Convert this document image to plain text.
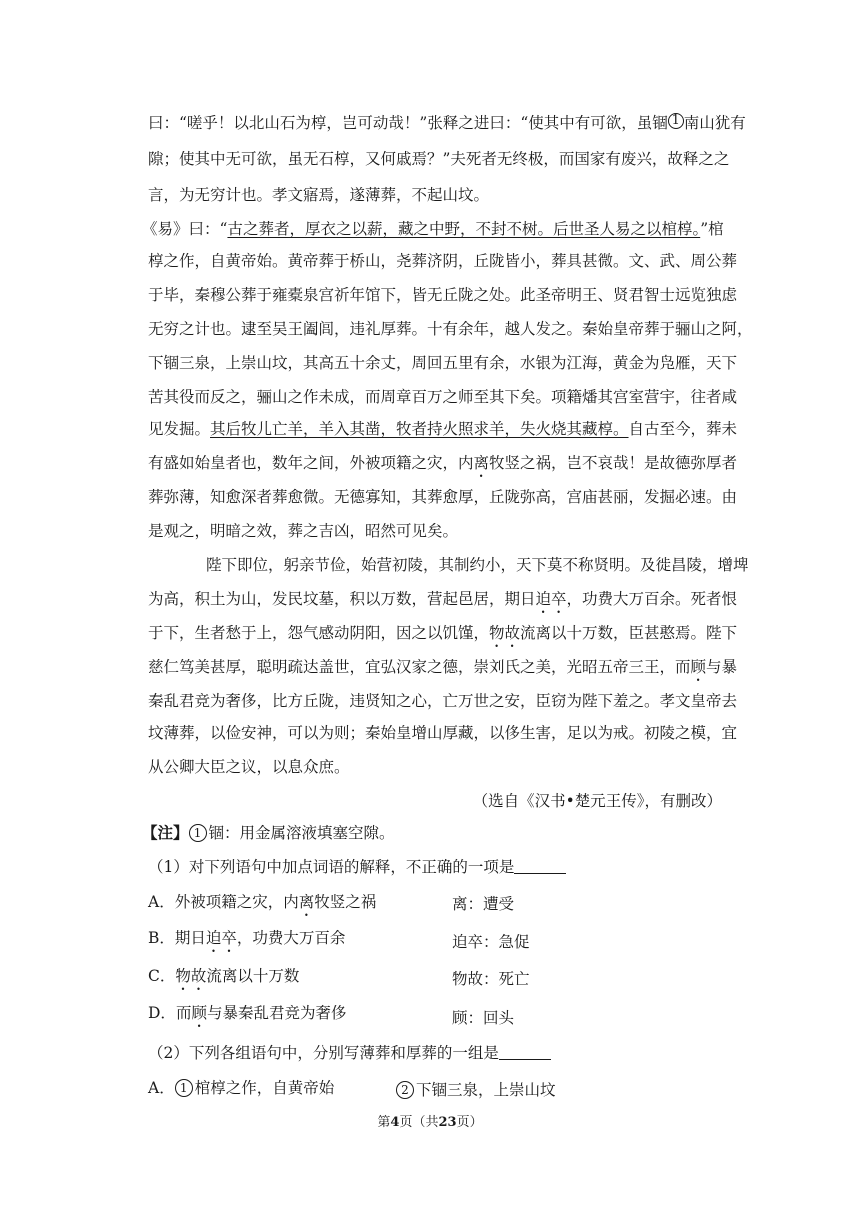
曰：“嗟乎！以北山石为椁，岂可动哉！”张释之进曰：“使其中有可欲，虽锢 1 南山犹有
隙；使其中无可欲，虽无石椁，又何戚焉？”夫死者无终极，而国家有废兴，故释之之
言，为无穷计也。孝文寤焉，遂薄葬，不起山坟。
《易》曰：“古之葬者，厚衣之以薪，藏之中野，不封不树。后世圣人易之以棺椁。”棺
椁之作，自黄帝始。黄帝葬于桥山，尧葬济阴，丘陇皆小，葬具甚微。文、武、周公葬
于毕，秦穆公葬于雍橐泉宫祈年馆下，皆无丘陇之处。此圣帝明王、贤君智士远览独虑
无穷之计也。逮至吴王阖闾，违礼厚葬。十有余年，越人发之。秦始皇帝葬于骊山之阿，
下锢三泉，上崇山坟，其高五十余丈，周回五里有余，水银为江海，黄金为凫雁，天下
苦其役而反之，骊山之作未成，而周章百万之师至其下矣。项籍燔其宫室营宇，往者咸
见发掘。其后牧儿亡羊，羊入其凿，牧者持火照求羊，失火烧其藏椁。自古至今，葬未
有盛如始皇者也，数年之间，外被项籍之灾，内离牧竖之祸，岂不哀哉！是故德弥厚者
葬弥薄，知愈深者葬愈微。无德寡知，其葬愈厚，丘陇弥高，宫庙甚丽，发掘必速。由
是观之，明暗之效，葬之吉凶，昭然可见矣。
陛下即位，躬亲节俭，始营初陵，其制约小，天下莫不称贤明。及徙昌陵，增埤
为高，积土为山，发民坟墓，积以万数，营起邑居，期日迫卒，功费大万百余。死者恨
于下，生者愁于上，怨气感动阴阳，因之以饥馑，物故流离以十万数，臣甚憨焉。陛下
慈仁笃美甚厚，聪明疏达盖世，宜弘汉家之德，崇刘氏之美，光昭五帝三王，而顾与暴
秦乱君竞为奢侈，比方丘陇，违贤知之心，亡万世之安，臣窃为陛下羞之。孝文皇帝去
坟薄葬，以俭安神，可以为则；秦始皇增山厚藏，以侈生害，足以为戒。初陵之模，宜
从公卿大臣之议，以息众庶。
（选自《汉书•楚元王传》，有删改）
【注】 1 锢：用金属溶液填塞空隙。
（1）对下列语句中加点词语的解释，不正确的一项是
A．外被项籍之灾，内离牧竖之祸	离：遭受
B．期日迫卒，功费大万百余	迫卒：急促
C．物故流离以十万数	物故：死亡
D．而顾与暴秦乱君竞为奢侈	顾：回头
（2）下列各组语句中，分别写薄葬和厚葬的一组是
A． 1 棺椁之作，自黄帝始	2 下锢三泉，上崇山坟
第4页（共23页）
